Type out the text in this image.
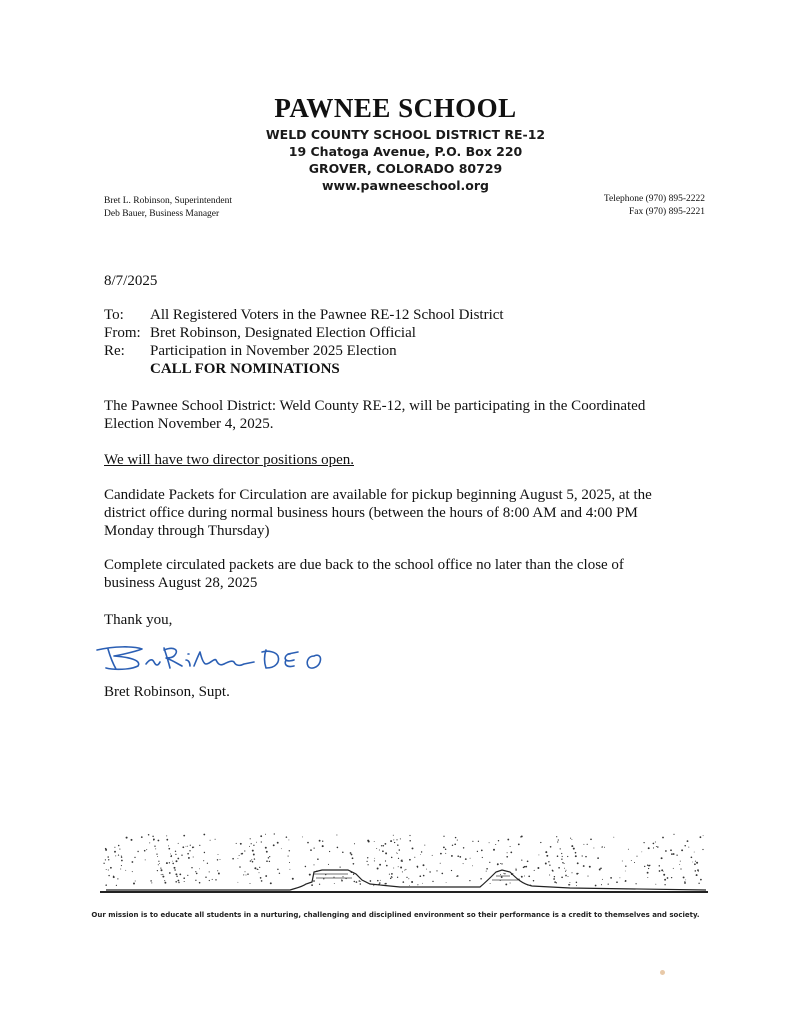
PAWNEE SCHOOL
WELD COUNTY SCHOOL DISTRICT RE-12
19 Chatoga Avenue, P.O. Box 220
GROVER, COLORADO 80729
www.pawneeschool.org
Bret L. Robinson, Superintendent
Deb Bauer, Business Manager
Telephone (970) 895-2222
Fax (970) 895-2221
8/7/2025
To:	All Registered Voters in the Pawnee RE-12 School District
From: Bret Robinson, Designated Election Official
Re:	Participation in November 2025 Election
CALL FOR NOMINATIONS
The Pawnee School District: Weld County RE-12, will be participating in the Coordinated
Election November 4, 2025.
We will have two director positions open.
Candidate Packets for Circulation are available for pickup beginning August 5, 2025, at the
district office during normal business hours (between the hours of 8:00 AM and 4:00 PM
Monday through Thursday)
Complete circulated packets are due back to the school office no later than the close of
business August 28, 2025
Thank you,
Bret Robinson, Supt.
Our mission is to educate all students in a nurturing, challenging and disciplined environment so their performance is a credit to themselves and society.
